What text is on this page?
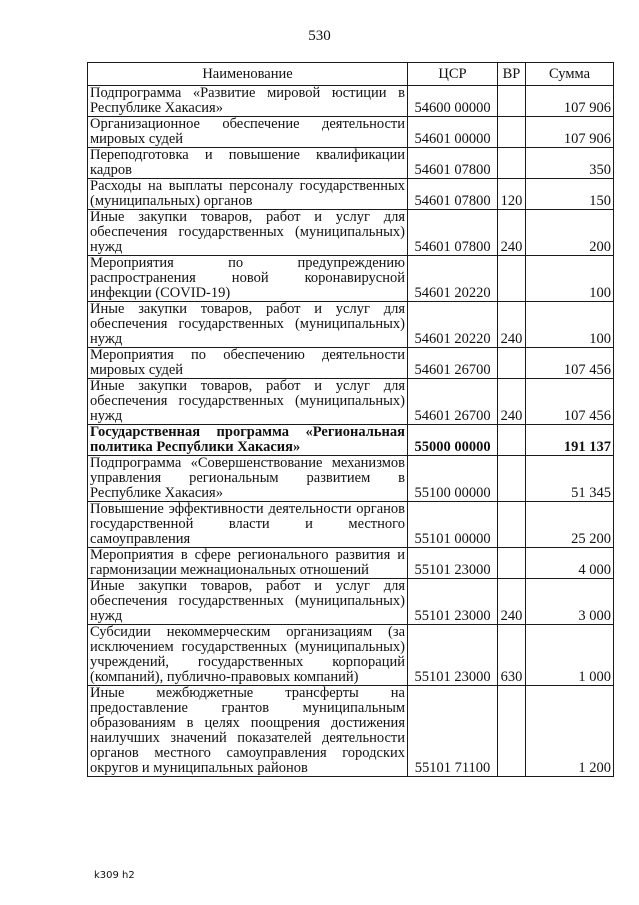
530
Наименование	ЦСР	ВР	Сумма
Подпрограмма «Развитие мировой юстиции в Республике Хакасия»	54600 00000		107 906
Организационное обеспечение деятельности мировых судей	54601 00000		107 906
Переподготовка и повышение квалификации кадров	54601 07800		350
Расходы на выплаты персоналу государственных (муниципальных) органов	54601 07800	120	150
Иные закупки товаров, работ и услуг для обеспечения государственных (муниципальных) нужд	54601 07800	240	200
Мероприятия по предупреждению распространения новой коронавирусной инфекции (COVID-19)	54601 20220		100
Иные закупки товаров, работ и услуг для обеспечения государственных (муниципальных) нужд	54601 20220	240	100
Мероприятия по обеспечению деятельности мировых судей	54601 26700		107 456
Иные закупки товаров, работ и услуг для обеспечения государственных (муниципальных) нужд	54601 26700	240	107 456
Государственная программа «Региональная политика Республики Хакасия»	55000 00000		191 137
Подпрограмма «Совершенствование механизмов управления региональным развитием в Республике Хакасия»	55100 00000		51 345
Повышение эффективности деятельности органов государственной власти и местного самоуправления	55101 00000		25 200
Мероприятия в сфере регионального развития и гармонизации межнациональных отношений	55101 23000		4 000
Иные закупки товаров, работ и услуг для обеспечения государственных (муниципальных) нужд	55101 23000	240	3 000
Субсидии некоммерческим организациям (за исключением государственных (муниципальных) учреждений, государственных корпораций (компаний), публично-правовых компаний)	55101 23000	630	1 000
Иные межбюджетные трансферты на предоставление грантов муниципальным образованиям в целях поощрения достижения наилучших значений показателей деятельности органов местного самоуправления городских округов и муниципальных районов	55101 71100		1 200
k309 h2
